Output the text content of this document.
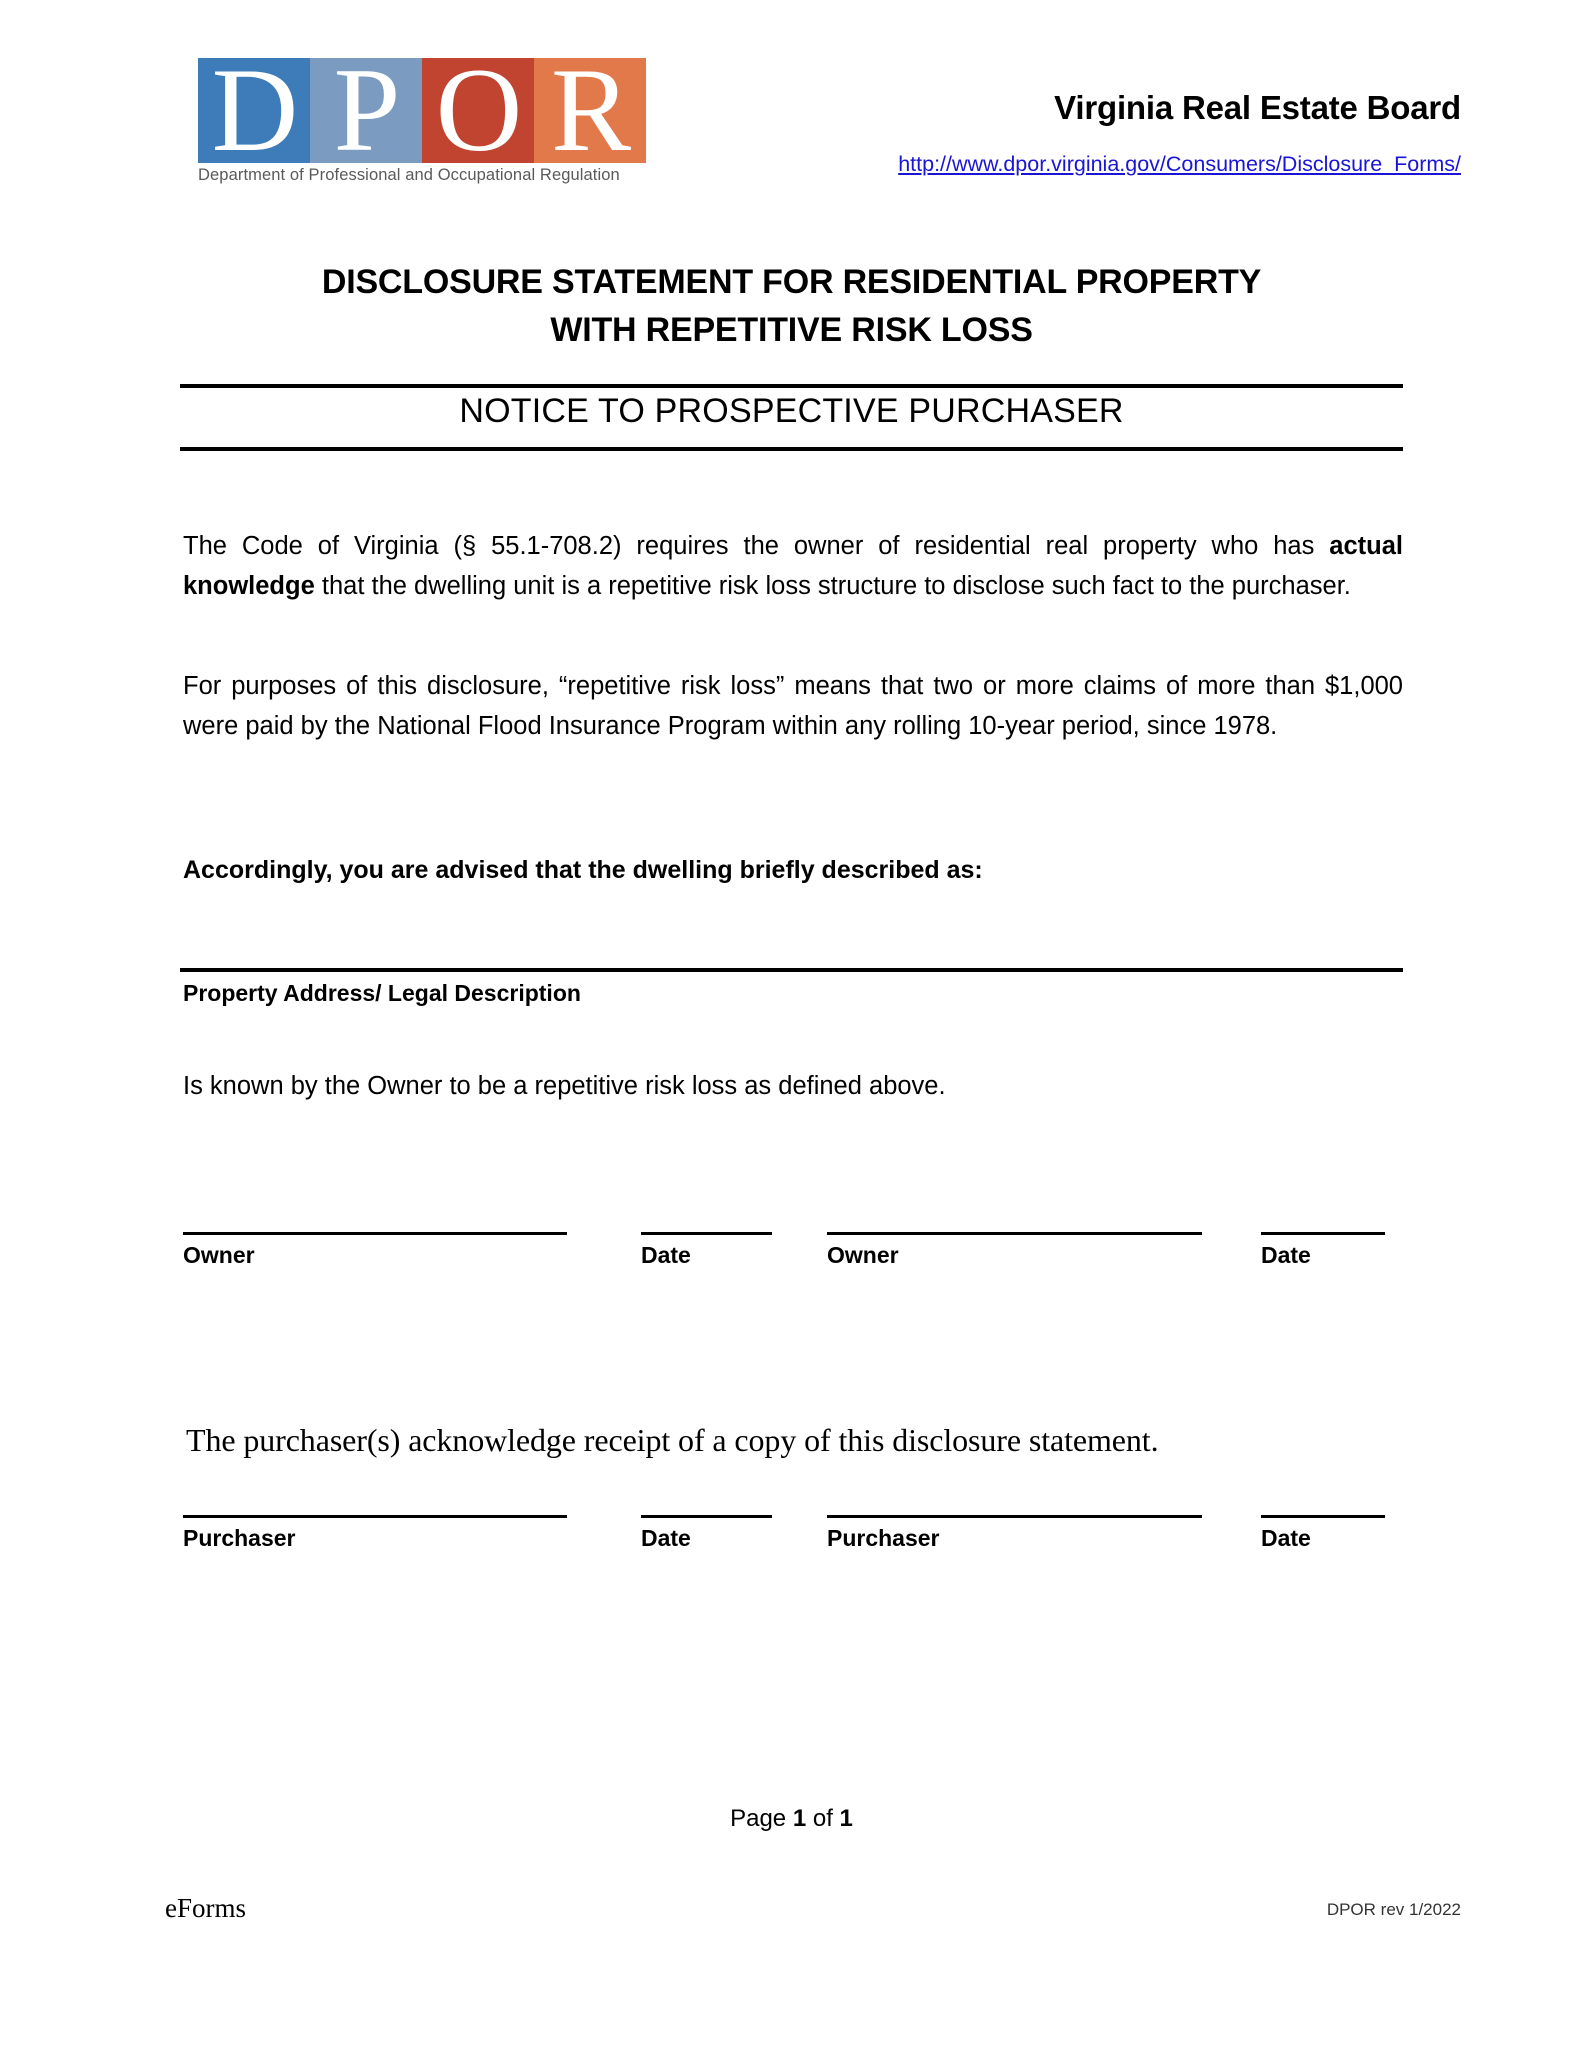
D P O R
Department of Professional and Occupational Regulation
Virginia Real Estate Board
http://www.dpor.virginia.gov/Consumers/Disclosure_Forms/
DISCLOSURE STATEMENT FOR RESIDENTIAL PROPERTY
WITH REPETITIVE RISK LOSS
NOTICE TO PROSPECTIVE PURCHASER

The Code of Virginia (§ 55.1-708.2) requires the owner of residential real property who has actual knowledge that the dwelling unit is a repetitive risk loss structure to disclose such fact to the purchaser.

For purposes of this disclosure, “repetitive risk loss” means that two or more claims of more than $1,000 were paid by the National Flood Insurance Program within any rolling 10-year period, since 1978.

Accordingly, you are advised that the dwelling briefly described as:
Property Address/ Legal Description
Is known by the Owner to be a repetitive risk loss as defined above.
Owner	Date	Owner	Date
The purchaser(s) acknowledge receipt of a copy of this disclosure statement.
Purchaser	Date	Purchaser	Date
Page 1 of 1
eForms	DPOR rev 1/2022
